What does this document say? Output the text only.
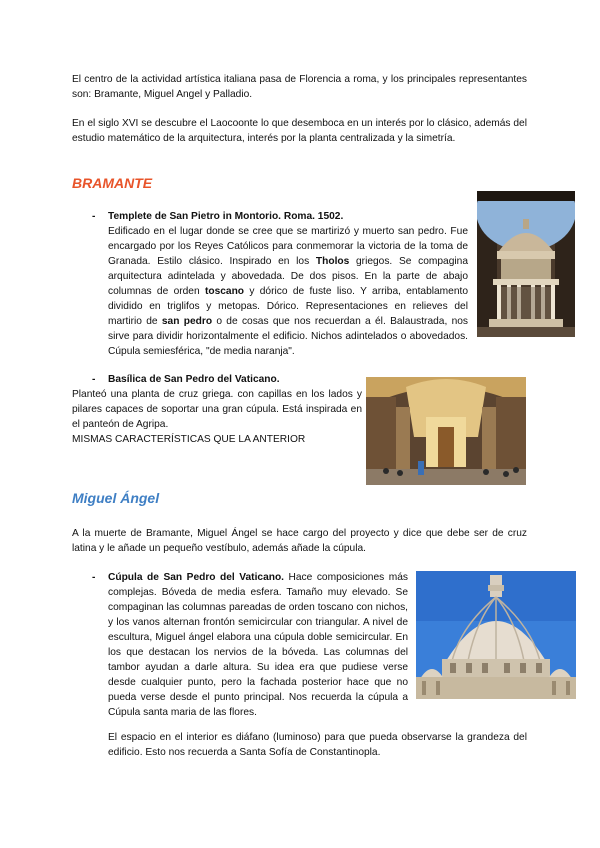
El centro de la actividad artística italiana pasa de Florencia a roma, y los principales representantes son: Bramante, Miguel Angel y Palladio.

En el siglo XVI se descubre el Laocoonte lo que desemboca en un interés por lo clásico, además del estudio matemático de la arquitectura, interés por la planta centralizada y la simetría.

BRAMANTE
- Templete de San Pietro in Montorio. Roma. 1502.

Edificado en el lugar donde se cree que se martirizó y muerto san pedro. Fue encargado por los Reyes Católicos para conmemorar la victoria de la toma de Granada. Estilo clásico. Inspirado en los Tholos griegos. Se compagina arquitectura adintelada y abovedada. De dos pisos. En la parte de abajo columnas de orden toscano y dórico de fuste liso. Y arriba, entablamento dividido en triglifos y metopas. Dórico. Representaciones en relieves del martirio de san pedro o de cosas que nos recuerdan a él. Balaustrada, nos sirve para dividir horizontalmente el edificio. Nichos adintelados o abovedados. Cúpula semiesférica, "de media naranja".

- Basílica de San Pedro del Vaticano.

Planteó una planta de cruz griega. con capillas en los lados y pilares capaces de soportar una gran cúpula. Está inspirada en el panteón de Agripa.

MISMAS CARACTERÍSTICAS QUE LA ANTERIOR

Miguel Ángel

A la muerte de Bramante, Miguel Ángel se hace cargo del proyecto y dice que debe ser de cruz latina y le añade un pequeño vestíbulo, además añade la cúpula.

- Cúpula de San Pedro del Vaticano. Hace composiciones más complejas. Bóveda de media esfera. Tamaño muy elevado. Se compaginan las columnas pareadas de orden toscano con nichos, y los vanos alternan frontón semicircular con triangular. A nivel de escultura, Miguel ángel elabora una cúpula doble semicircular. En los que destacan los nervios de la bóveda. Las columnas del tambor ayudan a darle altura. Su idea era que pudiese verse desde cualquier punto, pero la fachada posterior hace que no pueda verse desde el punto principal. Nos recuerda la cúpula a Cúpula santa maria de las flores.

El espacio en el interior es diáfano (luminoso) para que pueda observarse la grandeza del edificio. Esto nos recuerda a Santa Sofía de Constantinopla.
